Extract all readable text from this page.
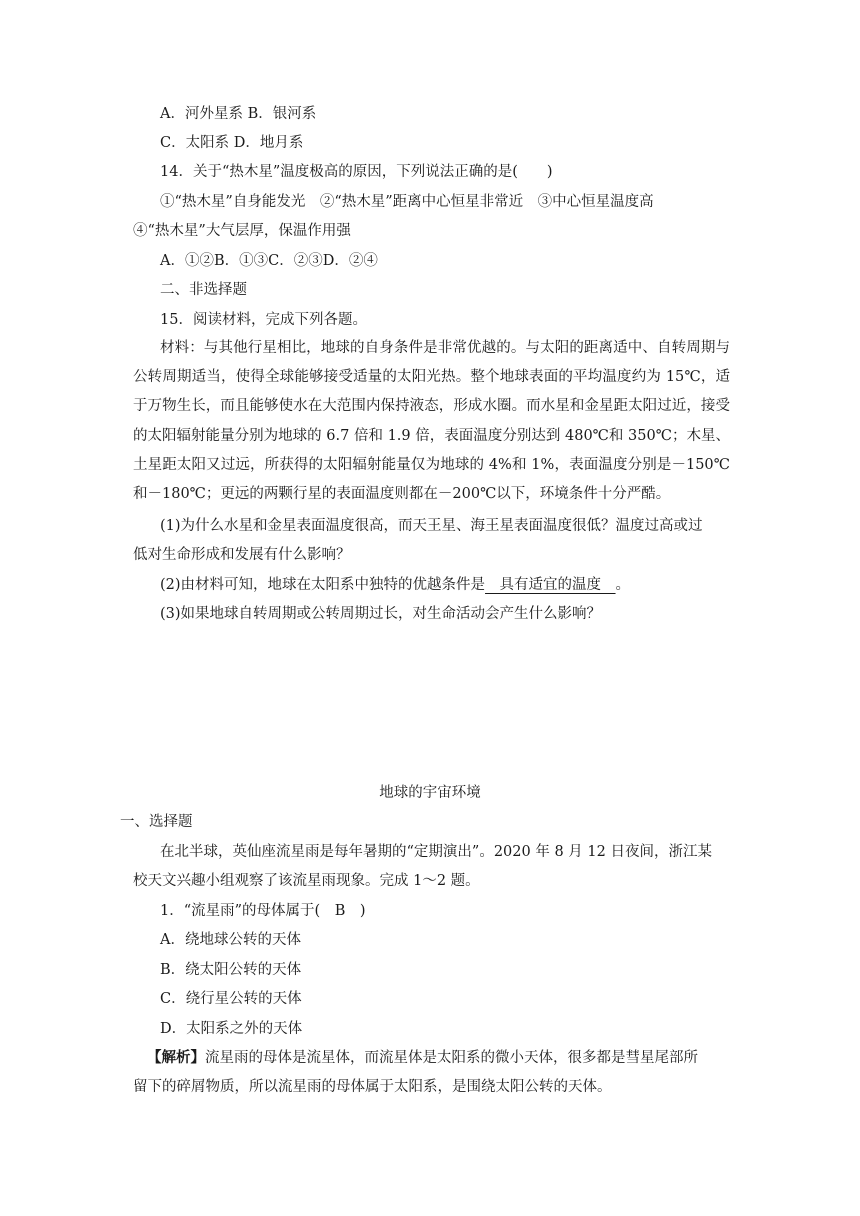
A．河外星系 B．银河系
C．太阳系 D．地月系
14．关于“热木星”温度极高的原因，下列说法正确的是(　　)
①“热木星”自身能发光　②“热木星”距离中心恒星非常近　③中心恒星温度高
④“热木星”大气层厚，保温作用强
A．①②B．①③C．②③D．②④
二、非选择题
15．阅读材料，完成下列各题。
材料：与其他行星相比，地球的自身条件是非常优越的。与太阳的距离适中、自转周期与公转周期适当，使得全球能够接受适量的太阳光热。整个地球表面的平均温度约为 15℃，适于万物生长，而且能够使水在大范围内保持液态，形成水圈。而水星和金星距太阳过近，接受的太阳辐射能量分别为地球的 6.7 倍和 1.9 倍，表面温度分别达到 480℃和 350℃；木星、土星距太阳又过远，所获得的太阳辐射能量仅为地球的 4%和 1%，表面温度分别是－150℃和－180℃；更远的两颗行星的表面温度则都在－200℃以下，环境条件十分严酷。
(1)为什么水星和金星表面温度很高，而天王星、海王星表面温度很低？温度过高或过
低对生命形成和发展有什么影响？
(2)由材料可知，地球在太阳系中独特的优越条件是　具有适宜的温度　。
(3)如果地球自转周期或公转周期过长，对生命活动会产生什么影响？
地球的宇宙环境
一、选择题
在北半球，英仙座流星雨是每年暑期的“定期演出”。2020 年 8 月 12 日夜间，浙江某
校天文兴趣小组观察了该流星雨现象。完成 1～2 题。
1．“流星雨”的母体属于(　B　)
A．绕地球公转的天体
B．绕太阳公转的天体
C．绕行星公转的天体
D．太阳系之外的天体
【解析】流星雨的母体是流星体，而流星体是太阳系的微小天体，很多都是彗星尾部所
留下的碎屑物质，所以流星雨的母体属于太阳系，是围绕太阳公转的天体。
